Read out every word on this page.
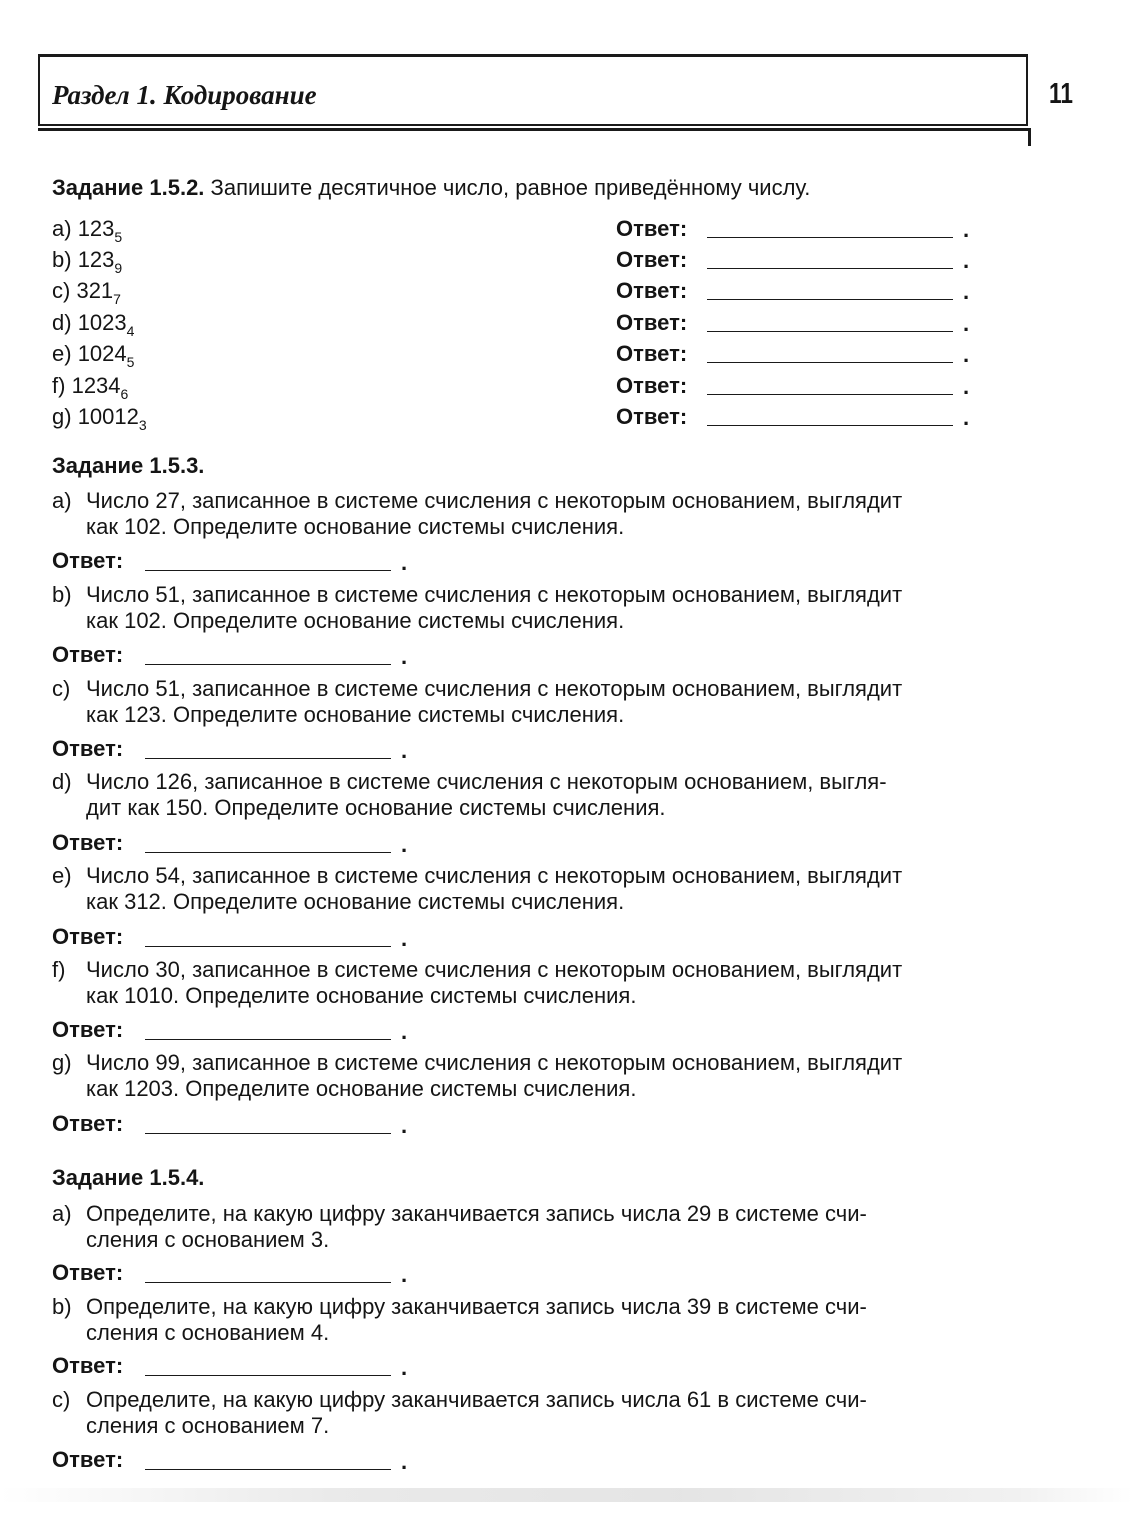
Раздел 1. Кодирование	11
Задание 1.5.2. Запишите десятичное число, равное приведённому числу.
a) $123_5$	Ответ:	.
b) $123_9$	Ответ:	.
c) $321_7$	Ответ:	.
d) $1023_4$	Ответ:	.
e) $1024_5$	Ответ:	.
f) $1234_6$	Ответ:	.
g) $10012_3$	Ответ:	.
Задание 1.5.3.
a) Число 27, записанное в системе счисления с некоторым основанием, выглядит
как 102. Определите основание системы счисления.
Ответ:	.
b) Число 51, записанное в системе счисления с некоторым основанием, выглядит
как 102. Определите основание системы счисления.
Ответ:	.
c) Число 51, записанное в системе счисления с некоторым основанием, выглядит
как 123. Определите основание системы счисления.
Ответ:	.
d) Число 126, записанное в системе счисления с некоторым основанием, выгля-
дит как 150. Определите основание системы счисления.
Ответ:	.
e) Число 54, записанное в системе счисления с некоторым основанием, выглядит
как 312. Определите основание системы счисления.
Ответ:	.
f) Число 30, записанное в системе счисления с некоторым основанием, выглядит
как 1010. Определите основание системы счисления.
Ответ:	.
g) Число 99, записанное в системе счисления с некоторым основанием, выглядит
как 1203. Определите основание системы счисления.
Ответ:	.
Задание 1.5.4.
a) Определите, на какую цифру заканчивается запись числа 29 в системе счи-
сления с основанием 3.
Ответ:	.
b) Определите, на какую цифру заканчивается запись числа 39 в системе счи-
сления с основанием 4.
Ответ:	.
c) Определите, на какую цифру заканчивается запись числа 61 в системе счи-
сления с основанием 7.
Ответ:	.
